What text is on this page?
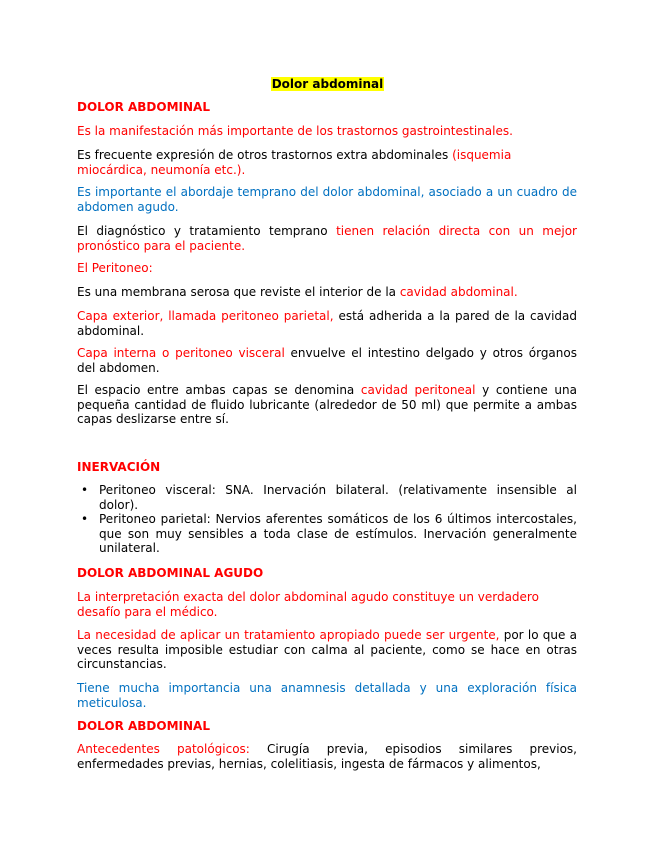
Dolor abdominal

DOLOR ABDOMINAL

Es la manifestación más importante de los trastornos gastrointestinales.

Es frecuente expresión de otros trastornos extra abdominales (isquemia miocárdica, neumonía etc.).

Es importante el abordaje temprano del dolor abdominal, asociado a un cuadro de abdomen agudo.

El diagnóstico y tratamiento temprano tienen relación directa con un mejor pronóstico para el paciente.

El Peritoneo:

Es una membrana serosa que reviste el interior de la cavidad abdominal.

Capa exterior, llamada peritoneo parietal, está adherida a la pared de la cavidad abdominal.

Capa interna o peritoneo visceral envuelve el intestino delgado y otros órganos del abdomen.

El espacio entre ambas capas se denomina cavidad peritoneal y contiene una pequeña cantidad de fluido lubricante (alrededor de 50 ml) que permite a ambas capas deslizarse entre sí.

INERVACIÓN

• Peritoneo visceral: SNA. Inervación bilateral. (relativamente insensible al dolor).
• Peritoneo parietal: Nervios aferentes somáticos de los 6 últimos intercostales, que son muy sensibles a toda clase de estímulos. Inervación generalmente unilateral.

DOLOR ABDOMINAL AGUDO

La interpretación exacta del dolor abdominal agudo constituye un verdadero desafío para el médico.

La necesidad de aplicar un tratamiento apropiado puede ser urgente, por lo que a veces resulta imposible estudiar con calma al paciente, como se hace en otras circunstancias.

Tiene mucha importancia una anamnesis detallada y una exploración física meticulosa.

DOLOR ABDOMINAL

Antecedentes patológicos: Cirugía previa, episodios similares previos, enfermedades previas, hernias, colelitiasis, ingesta de fármacos y alimentos,
